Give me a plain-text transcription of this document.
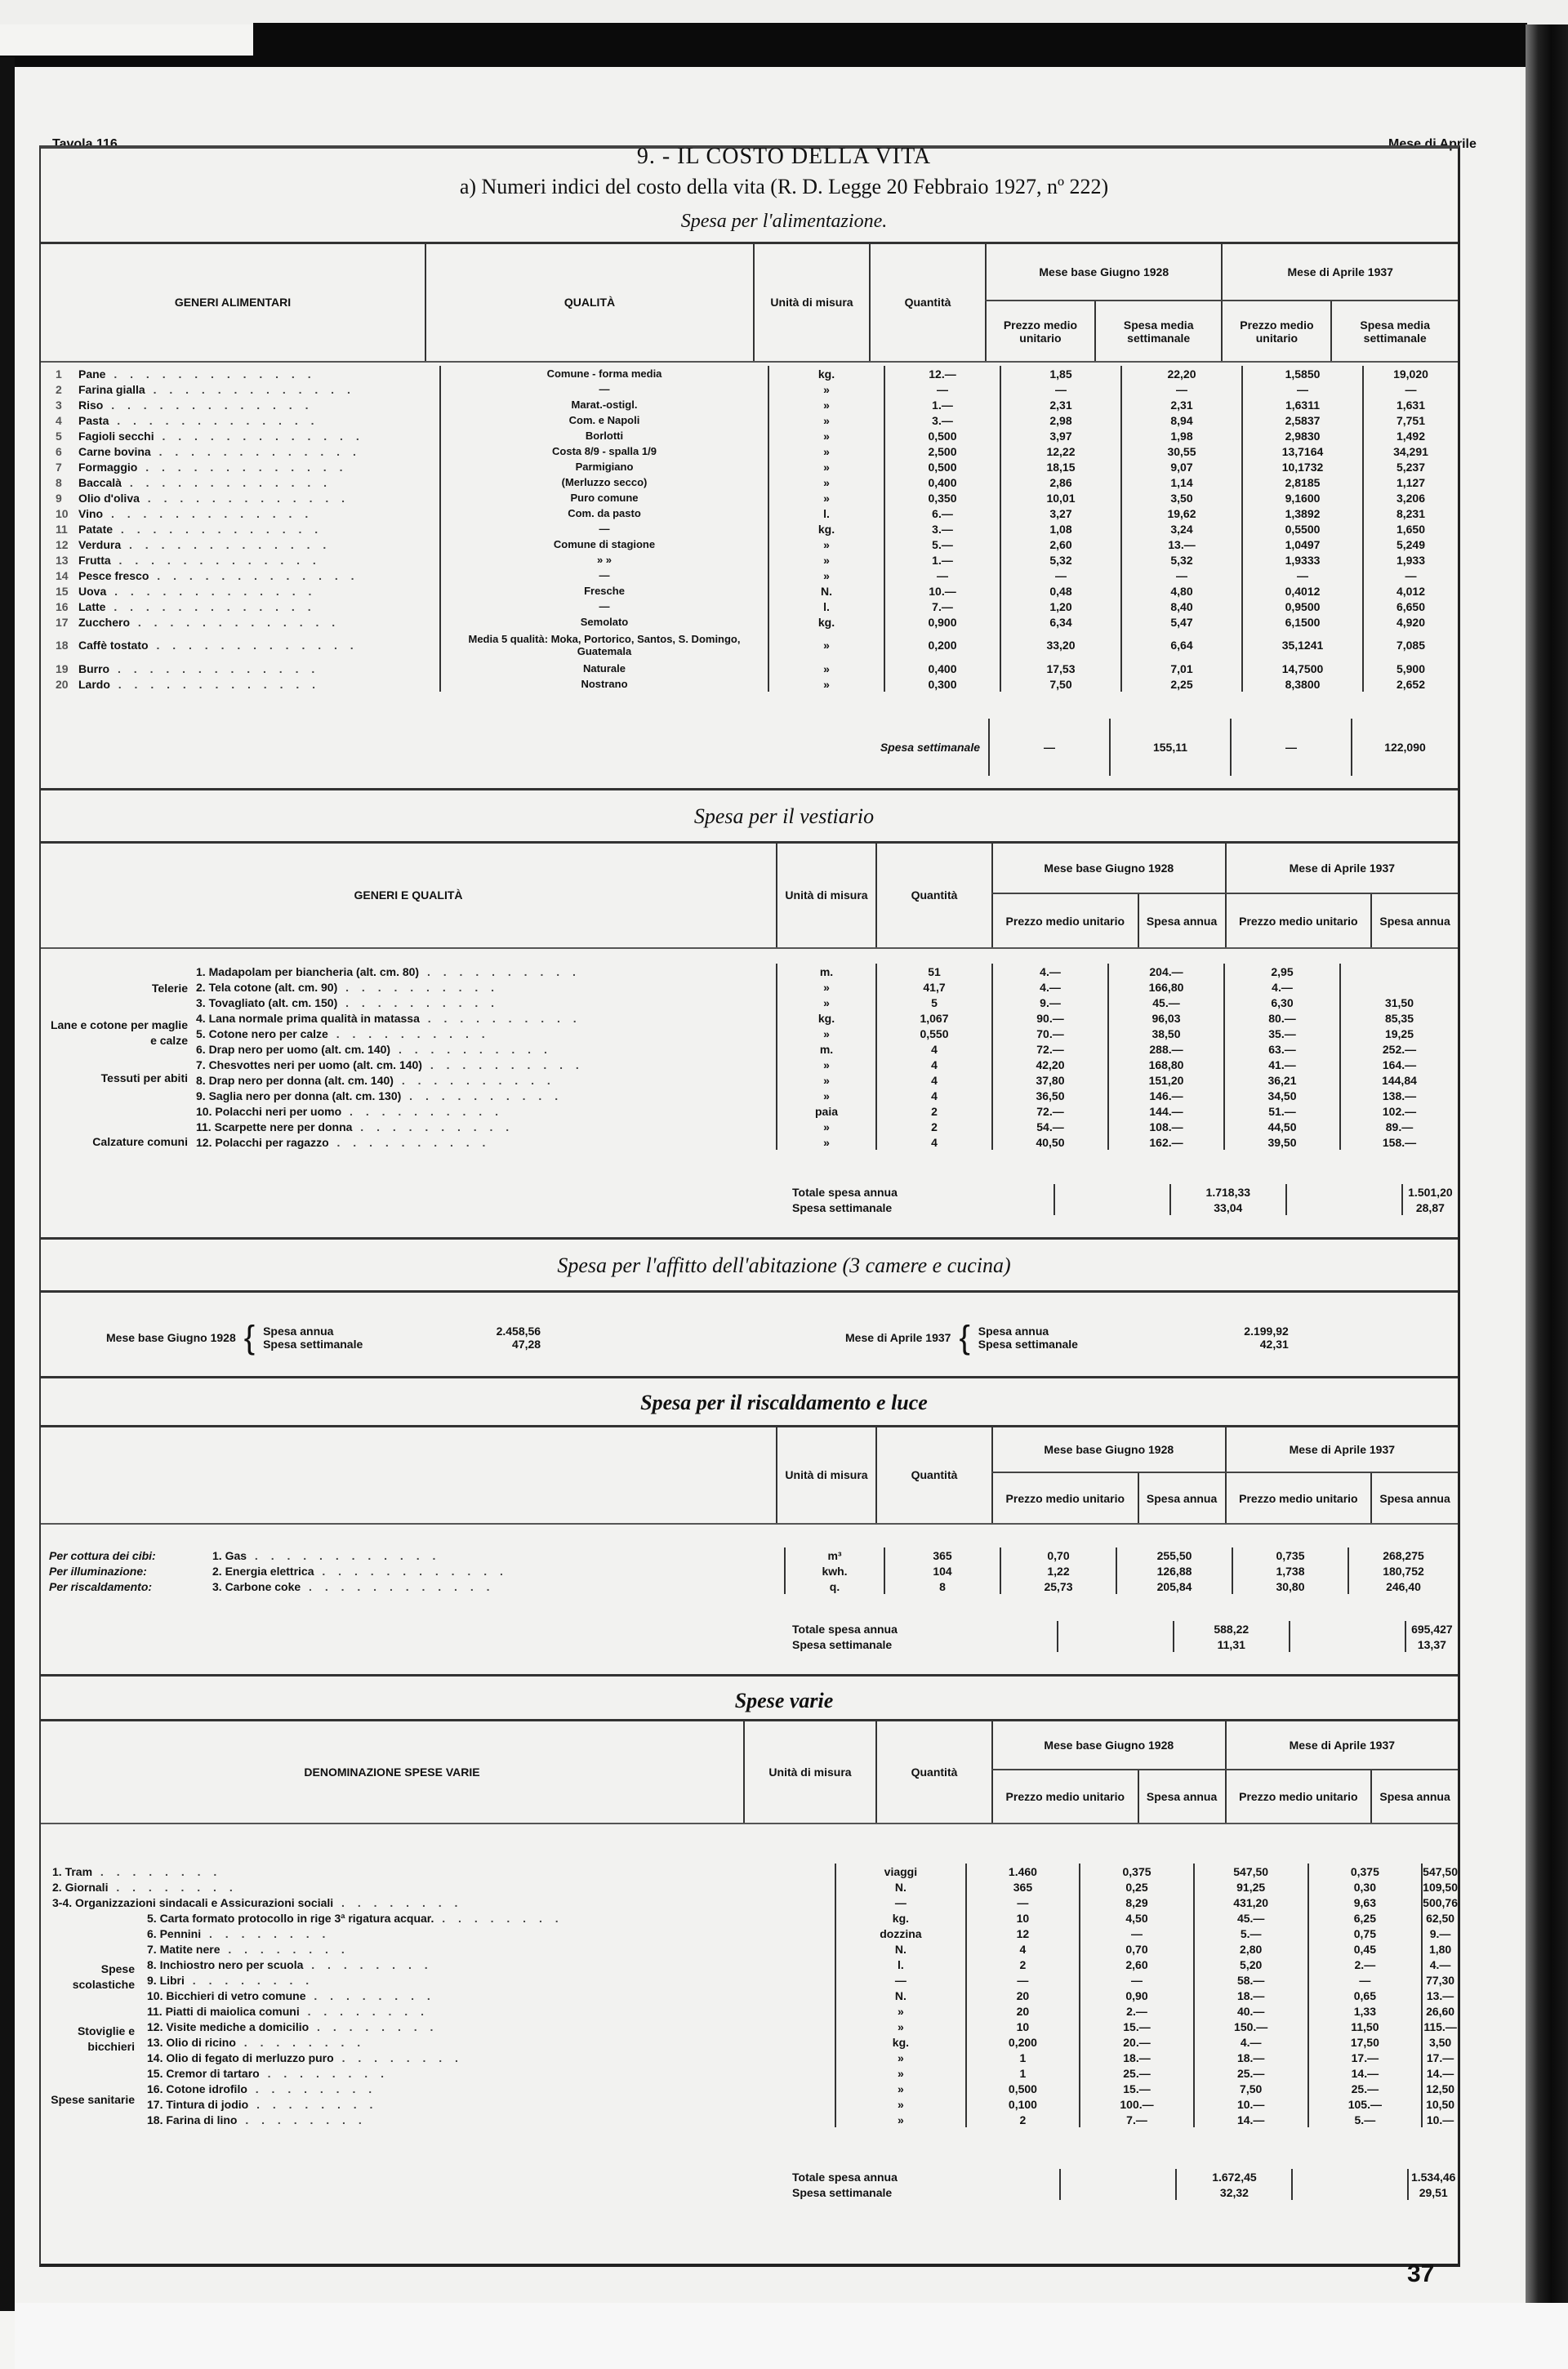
Tavola 116	Mese di Aprile
9. - IL COSTO DELLA VITA
a) Numeri indici del costo della vita (R. D. Legge 20 Febbraio 1927, nº 222)
Spesa per l'alimentazione.
GENERI ALIMENTARI	QUALITÀ	Unità di misura	Quantità	Mese base Giugno 1928		Mese di Aprile 1937	
				Prezzo medio unitario	Spesa media settimanale	Prezzo medio unitario	Spesa media settimanale
1 Pane . . . . . . . . . . . . .	Comune - forma media	kg.	12.—	1,85	22,20	1,5850	19,020
2 Farina gialla . . . . . . . . . . . . .	—	»	—	—	—	—	—
3 Riso . . . . . . . . . . . . .	Marat.-ostigl.	»	1.—	2,31	2,31	1,6311	1,631
4 Pasta . . . . . . . . . . . . .	Com. e Napoli	»	3.—	2,98	8,94	2,5837	7,751
5 Fagioli secchi . . . . . . . . . . . . .	Borlotti	»	0,500	3,97	1,98	2,9830	1,492
6 Carne bovina . . . . . . . . . . . . .	Costa 8/9 - spalla 1/9	»	2,500	12,22	30,55	13,7164	34,291
7 Formaggio . . . . . . . . . . . . .	Parmigiano	»	0,500	18,15	9,07	10,1732	5,237
8 Baccalà . . . . . . . . . . . . .	(Merluzzo secco)	»	0,400	2,86	1,14	2,8185	1,127
9 Olio d'oliva . . . . . . . . . . . . .	Puro comune	»	0,350	10,01	3,50	9,1600	3,206
10 Vino . . . . . . . . . . . . .	Com. da pasto	l.	6.—	3,27	19,62	1,3892	8,231
11 Patate . . . . . . . . . . . . .	—	kg.	3.—	1,08	3,24	0,5500	1,650
12 Verdura . . . . . . . . . . . . .	Comune di stagione	»	5.—	2,60	13.—	1,0497	5,249
13 Frutta . . . . . . . . . . . . .	» »	»	1.—	5,32	5,32	1,9333	1,933
14 Pesce fresco . . . . . . . . . . . . .	—	»	—	—	—	—	—
15 Uova . . . . . . . . . . . . .	Fresche	N.	10.—	0,48	4,80	0,4012	4,012
16 Latte . . . . . . . . . . . . .	—	l.	7.—	1,20	8,40	0,9500	6,650
17 Zucchero . . . . . . . . . . . . .	Semolato	kg.	0,900	6,34	5,47	6,1500	4,920
18 Caffè tostato . . . . . . . . . . . . .	Media 5 qualità: Moka, Portorico, Santos, S. Domingo, Guatemala	»	0,200	33,20	6,64	35,1241	7,085
19 Burro . . . . . . . . . . . . .	Naturale	»	0,400	17,53	7,01	14,7500	5,900
20 Lardo . . . . . . . . . . . . .	Nostrano	»	0,300	7,50	2,25	8,3800	2,652
Spesa settimanale	—	155,11	—	122,090
Spesa per il vestiario
GENERI E QUALITÀ	Unità di misura	Quantità	Mese base Giugno 1928		Mese di Aprile 1937	
			Prezzo medio unitario	Spesa annua	Prezzo medio unitario	Spesa annua
Telerie
Lane e cotone per maglie e calze
Tessuti per abiti
Calzature comuni
1. Madapolam per biancheria (alt. cm. 80) . . . . . . . . . .	m.	51	4.—	204.—	2,95	
2. Tela cotone (alt. cm. 90) . . . . . . . . . .	»	41,7	4.—	166,80	4.—	
3. Tovagliato (alt. cm. 150) . . . . . . . . . .	»	5	9.—	45.—	6,30	31,50
4. Lana normale prima qualità in matassa . . . . . . . . . .	kg.	1,067	90.—	96,03	80.—	85,35
5. Cotone nero per calze . . . . . . . . . .	»	0,550	70.—	38,50	35.—	19,25
6. Drap nero per uomo (alt. cm. 140) . . . . . . . . . .	m.	4	72.—	288.—	63.—	252.—
7. Chesvottes neri per uomo (alt. cm. 140) . . . . . . . . . .	»	4	42,20	168,80	41.—	164.—
8. Drap nero per donna (alt. cm. 140) . . . . . . . . . .	»	4	37,80	151,20	36,21	144,84
9. Saglia nero per donna (alt. cm. 130) . . . . . . . . . .	»	4	36,50	146.—	34,50	138.—
10. Polacchi neri per uomo . . . . . . . . . .	paia	2	72.—	144.—	51.—	102.—
11. Scarpette nere per donna . . . . . . . . . .	»	2	54.—	108.—	44,50	89.—
12. Polacchi per ragazzo . . . . . . . . . .	»	4	40,50	162.—	39,50	158.—
	Totale spesa annua		1.718,33		1.501,20
	Spesa settimanale		33,04		28,87
Spesa per l'affitto dell'abitazione (3 camere e cucina)
Mese base Giugno 1928 { Spesa annua	2.458,56
Spesa settimanale	47,28	Mese di Aprile 1937 { Spesa annua	2.199,92
Spesa settimanale	42,31
Spesa per il riscaldamento e luce
	Unità di misura	Quantità	Mese base Giugno 1928		Mese di Aprile 1937	
			Prezzo medio unitario	Spesa annua	Prezzo medio unitario	Spesa annua
Per cottura dei cibi: 1. Gas . . . . . . . . . . . .	m³	365	0,70	255,50	0,735	268,275
Per illuminazione: 2. Energia elettrica . . . . . . . . . . . .	kwh.	104	1,22	126,88	1,738	180,752
Per riscaldamento: 3. Carbone coke . . . . . . . . . . . .	q.	8	25,73	205,84	30,80	246,40
	Totale spesa annua		588,22		695,427
	Spesa settimanale		11,31		13,37
Spese varie
DENOMINAZIONE SPESE VARIE	Unità di misura	Quantità	Mese base Giugno 1928		Mese di Aprile 1937	
			Prezzo medio unitario	Spesa annua	Prezzo medio unitario	Spesa annua
Spese scolastiche
Stoviglie e bicchieri
Spese sanitarie
1. Tram . . . . . . . .	viaggi	1.460	0,375	547,50	0,375	547,50
2. Giornali . . . . . . . .	N.	365	0,25	91,25	0,30	109,50
3-4. Organizzazioni sindacali e Assicurazioni sociali . . . . . . . .	—	—	8,29	431,20	9,63	500,76
5. Carta formato protocollo in rige 3ª rigatura acquar. . . . . . . . .	kg.	10	4,50	45.—	6,25	62,50
6. Pennini . . . . . . . .	dozzina	12	—	5.—	0,75	9.—
7. Matite nere . . . . . . . .	N.	4	0,70	2,80	0,45	1,80
8. Inchiostro nero per scuola . . . . . . . .	l.	2	2,60	5,20	2.—	4.—
9. Libri . . . . . . . .	—	—	—	58.—	—	77,30
10. Bicchieri di vetro comune . . . . . . . .	N.	20	0,90	18.—	0,65	13.—
11. Piatti di maiolica comuni . . . . . . . .	»	20	2.—	40.—	1,33	26,60
12. Visite mediche a domicilio . . . . . . . .	»	10	15.—	150.—	11,50	115.—
13. Olio di ricino . . . . . . . .	kg.	0,200	20.—	4.—	17,50	3,50
14. Olio di fegato di merluzzo puro . . . . . . . .	»	1	18.—	18.—	17.—	17.—
15. Cremor di tartaro . . . . . . . .	»	1	25.—	25.—	14.—	14.—
16. Cotone idrofilo . . . . . . . .	»	0,500	15.—	7,50	25.—	12,50
17. Tintura di jodio . . . . . . . .	»	0,100	100.—	10.—	105.—	10,50
18. Farina di lino . . . . . . . .	»	2	7.—	14.—	5.—	10.—
	Totale spesa annua		1.672,45		1.534,46
	Spesa settimanale		32,32		29,51
37
